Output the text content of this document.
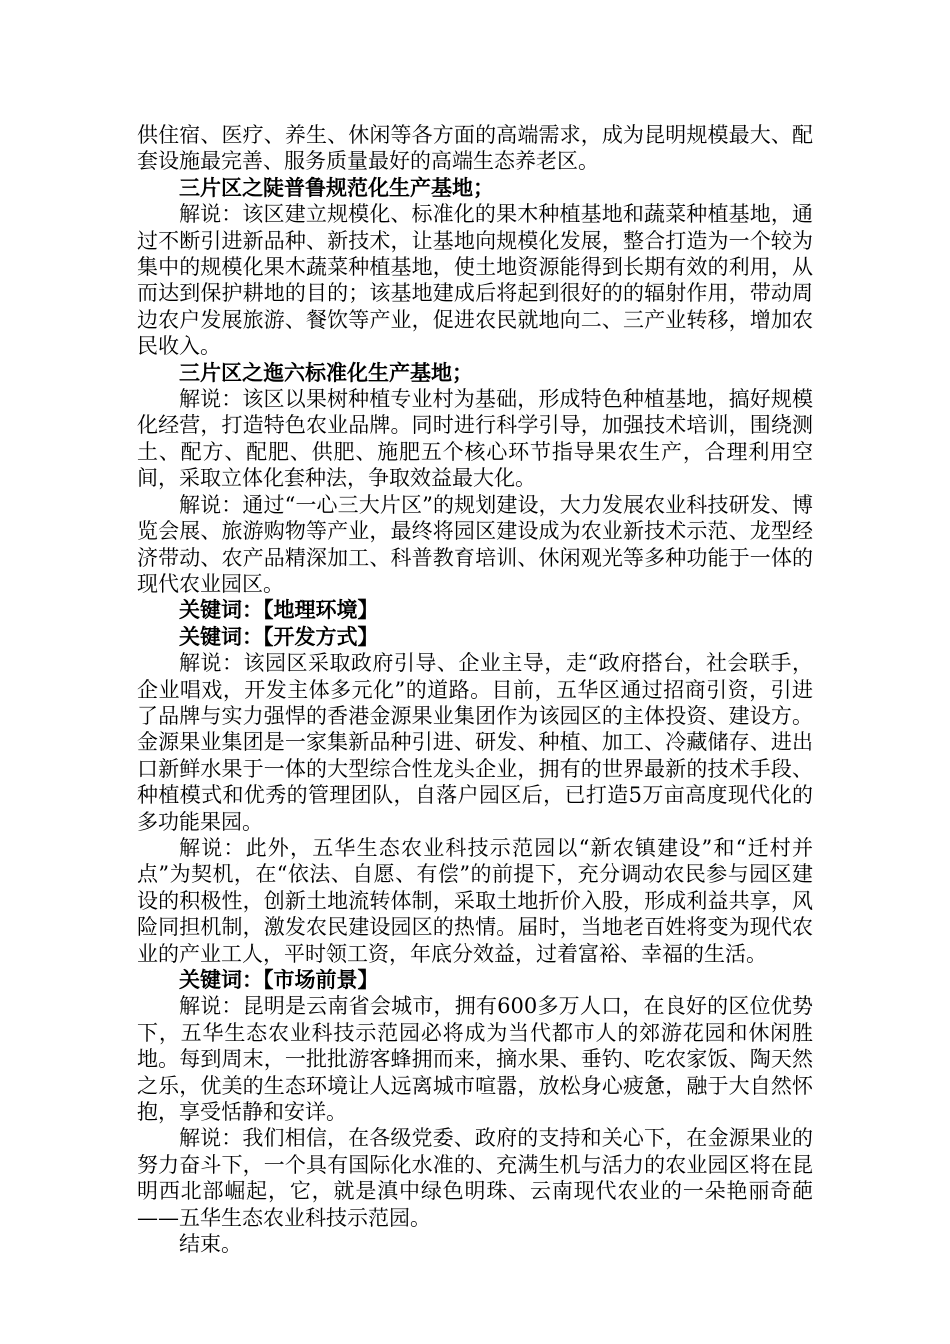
供住宿、医疗、养生、休闲等各方面的高端需求，成为昆明规模最大、配套设施最完善、服务质量最好的高端生态养老区。

三片区之陡普鲁规范化生产基地；

解说：该区建立规模化、标准化的果木种植基地和蔬菜种植基地，通过不断引进新品种、新技术，让基地向规模化发展，整合打造为一个较为集中的规模化果木蔬菜种植基地，使土地资源能得到长期有效的利用，从而达到保护耕地的目的；该基地建成后将起到很好的的辐射作用，带动周边农户发展旅游、餐饮等产业，促进农民就地向二、三产业转移，增加农民收入。

三片区之迤六标准化生产基地；

解说：该区以果树种植专业村为基础，形成特色种植基地，搞好规模化经营，打造特色农业品牌。同时进行科学引导，加强技术培训，围绕测土、配方、配肥、供肥、施肥五个核心环节指导果农生产，合理利用空间，采取立体化套种法，争取效益最大化。

解说：通过“一心三大片区”的规划建设，大力发展农业科技研发、博览会展、旅游购物等产业，最终将园区建设成为农业新技术示范、龙型经济带动、农产品精深加工、科普教育培训、休闲观光等多种功能于一体的现代农业园区。

关键词：【地理环境】

关键词：【开发方式】

解说：该园区采取政府引导、企业主导，走“政府搭台，社会联手，企业唱戏，开发主体多元化”的道路。目前，五华区通过招商引资，引进了品牌与实力强悍的香港金源果业集团作为该园区的主体投资、建设方。金源果业集团是一家集新品种引进、研发、种植、加工、冷藏储存、进出口新鲜水果于一体的大型综合性龙头企业，拥有的世界最新的技术手段、种植模式和优秀的管理团队，自落户园区后，已打造5万亩高度现代化的多功能果园。

解说：此外，五华生态农业科技示范园以“新农镇建设”和“迁村并点”为契机，在“依法、自愿、有偿”的前提下，充分调动农民参与园区建设的积极性，创新土地流转体制，采取土地折价入股，形成利益共享，风险同担机制，激发农民建设园区的热情。届时，当地老百姓将变为现代农业的产业工人，平时领工资，年底分效益，过着富裕、幸福的生活。

关键词：【市场前景】

解说：昆明是云南省会城市，拥有600多万人口，在良好的区位优势下，五华生态农业科技示范园必将成为当代都市人的郊游花园和休闲胜地。每到周末，一批批游客蜂拥而来，摘水果、垂钓、吃农家饭、陶天然之乐，优美的生态环境让人远离城市喧嚣，放松身心疲惫，融于大自然怀抱，享受恬静和安详。

解说：我们相信，在各级党委、政府的支持和关心下，在金源果业的努力奋斗下，一个具有国际化水准的、充满生机与活力的农业园区将在昆明西北部崛起，它，就是滇中绿色明珠、云南现代农业的一朵艳丽奇葩——五华生态农业科技示范园。

结束。
